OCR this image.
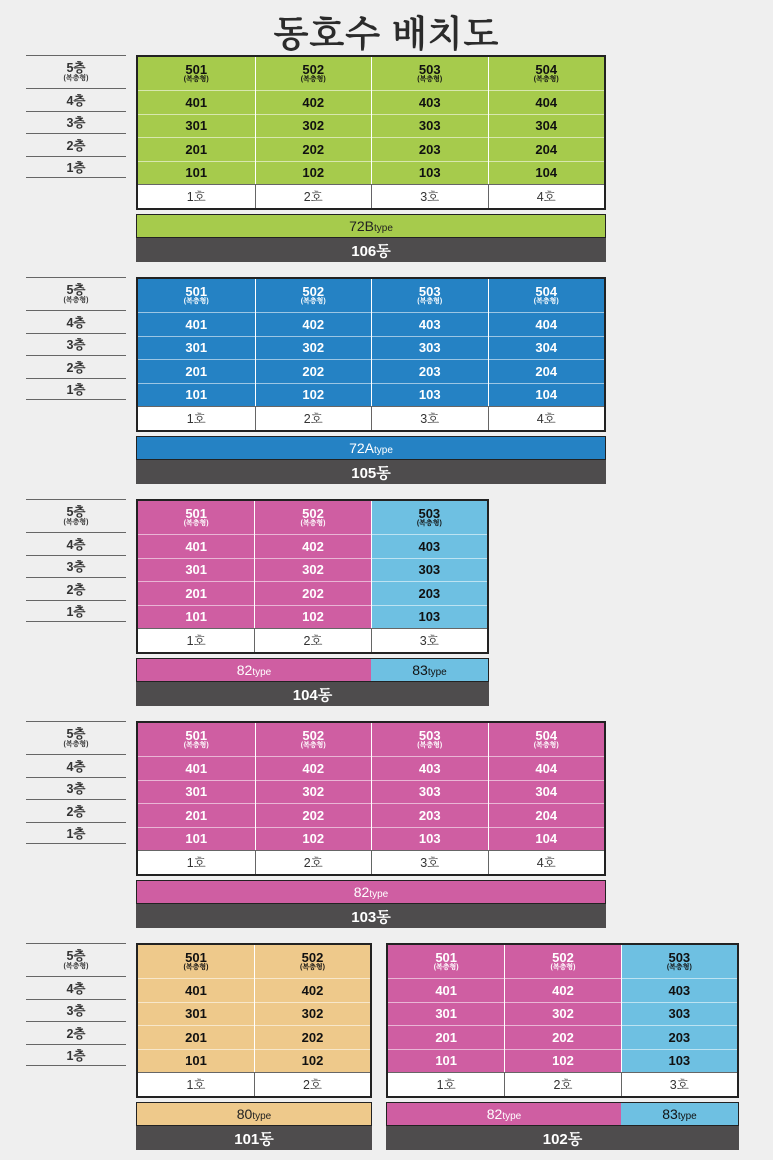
동호수 배치도
5층
(복층형)
4층
3층
2층
1층
501
(복층형)
401
301
201
101
1호
502
(복층형)
402
302
202
102
2호
503
(복층형)
403
303
203
103
3호
504
(복층형)
404
304
204
104
4호
72B type
106동
5층
(복층형)
4층
3층
2층
1층
501
(복층형)
401
301
201
101
1호
502
(복층형)
402
302
202
102
2호
503
(복층형)
403
303
203
103
3호
504
(복층형)
404
304
204
104
4호
72A type
105동
5층
(복층형)
4층
3층
2층
1층
501
(복층형)
401
301
201
101
1호
502
(복층형)
402
302
202
102
2호
503
(복층형)
403
303
203
103
3호
82 type	83 type
104동
5층
(복층형)
4층
3층
2층
1층
501
(복층형)
401
301
201
101
1호
502
(복층형)
402
302
202
102
2호
503
(복층형)
403
303
203
103
3호
504
(복층형)
404
304
204
104
4호
82 type
103동
5층
(복층형)
4층
3층
2층
1층
501
(복층형)
401
301
201
101
1호
502
(복층형)
402
302
202
102
2호
80 type
101동
501
(복층형)
401
301
201
101
1호
502
(복층형)
402
302
202
102
2호
503
(복층형)
403
303
203
103
3호
82 type	83 type
102동
